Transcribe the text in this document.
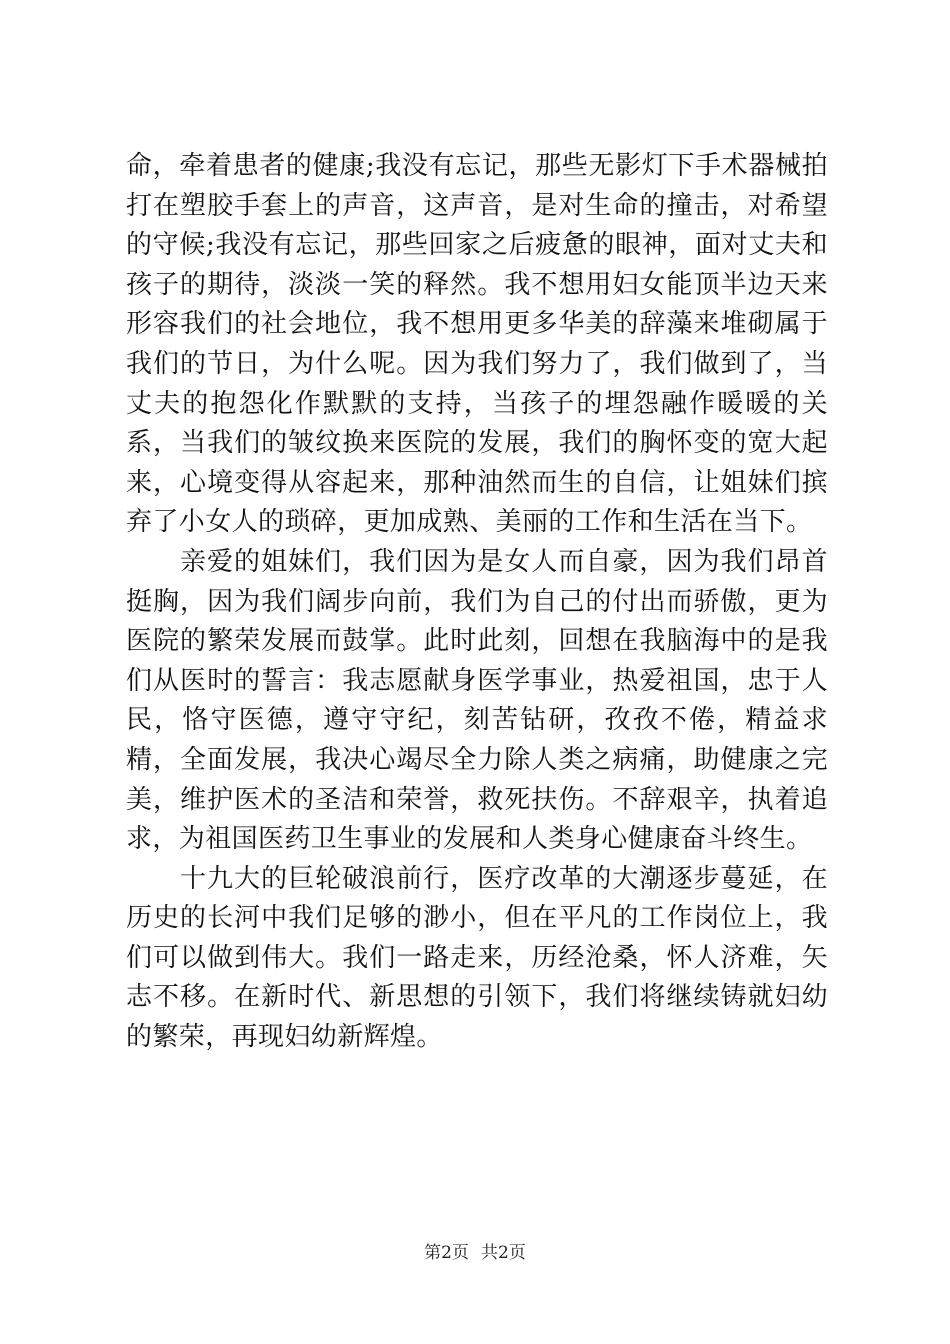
命，牵着患者的健康;我没有忘记，那些无影灯下手术器械拍打在塑胶手套上的声音，这声音，是对生命的撞击，对希望的守候;我没有忘记，那些回家之后疲惫的眼神，面对丈夫和孩子的期待，淡淡一笑的释然。我不想用妇女能顶半边天来形容我们的社会地位，我不想用更多华美的辞藻来堆砌属于我们的节日，为什么呢。因为我们努力了，我们做到了，当丈夫的抱怨化作默默的支持，当孩子的埋怨融作暖暖的关系，当我们的皱纹换来医院的发展，我们的胸怀变的宽大起来，心境变得从容起来，那种油然而生的自信，让姐妹们摈弃了小女人的琐碎，更加成熟、美丽的工作和生活在当下。

亲爱的姐妹们，我们因为是女人而自豪，因为我们昂首挺胸，因为我们阔步向前，我们为自己的付出而骄傲，更为医院的繁荣发展而鼓掌。此时此刻，回想在我脑海中的是我们从医时的誓言：我志愿献身医学事业，热爱祖国，忠于人民，恪守医德，遵守守纪，刻苦钻研，孜孜不倦，精益求精，全面发展，我决心竭尽全力除人类之病痛，助健康之完美，维护医术的圣洁和荣誉，救死扶伤。不辞艰辛，执着追求，为祖国医药卫生事业的发展和人类身心健康奋斗终生。

十九大的巨轮破浪前行，医疗改革的大潮逐步蔓延，在历史的长河中我们足够的渺小，但在平凡的工作岗位上，我们可以做到伟大。我们一路走来，历经沧桑，怀人济难，矢志不移。在新时代、新思想的引领下，我们将继续铸就妇幼的繁荣，再现妇幼新辉煌。

第2页 共2页
